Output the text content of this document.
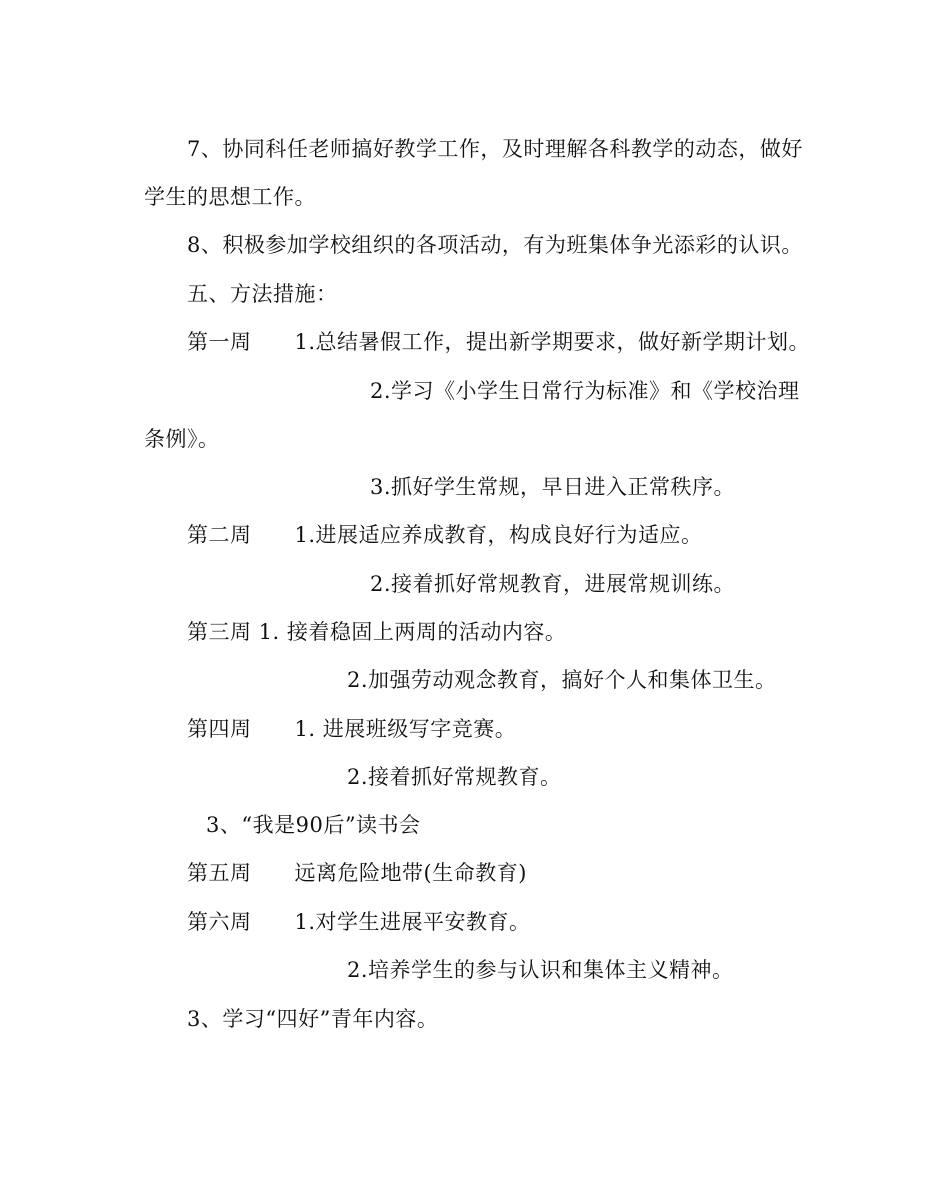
7、协同科任老师搞好教学工作，及时理解各科教学的动态，做好
学生的思想工作。
8、积极参加学校组织的各项活动，有为班集体争光添彩的认识。
五、方法措施：
第一周　　1.总结暑假工作，提出新学期要求，做好新学期计划。
2.学习《小学生日常行为标准》和《学校治理
条例》。
3.抓好学生常规，早日进入正常秩序。
第二周　　1.进展适应养成教育，构成良好行为适应。
2.接着抓好常规教育，进展常规训练。
第三周 1. 接着稳固上两周的活动内容。
2.加强劳动观念教育，搞好个人和集体卫生。
第四周　　1. 进展班级写字竞赛。
2.接着抓好常规教育。
3、“我是90后”读书会
第五周　　远离危险地带(生命教育)
第六周　　1.对学生进展平安教育。
2.培养学生的参与认识和集体主义精神。
3、学习“四好”青年内容。
